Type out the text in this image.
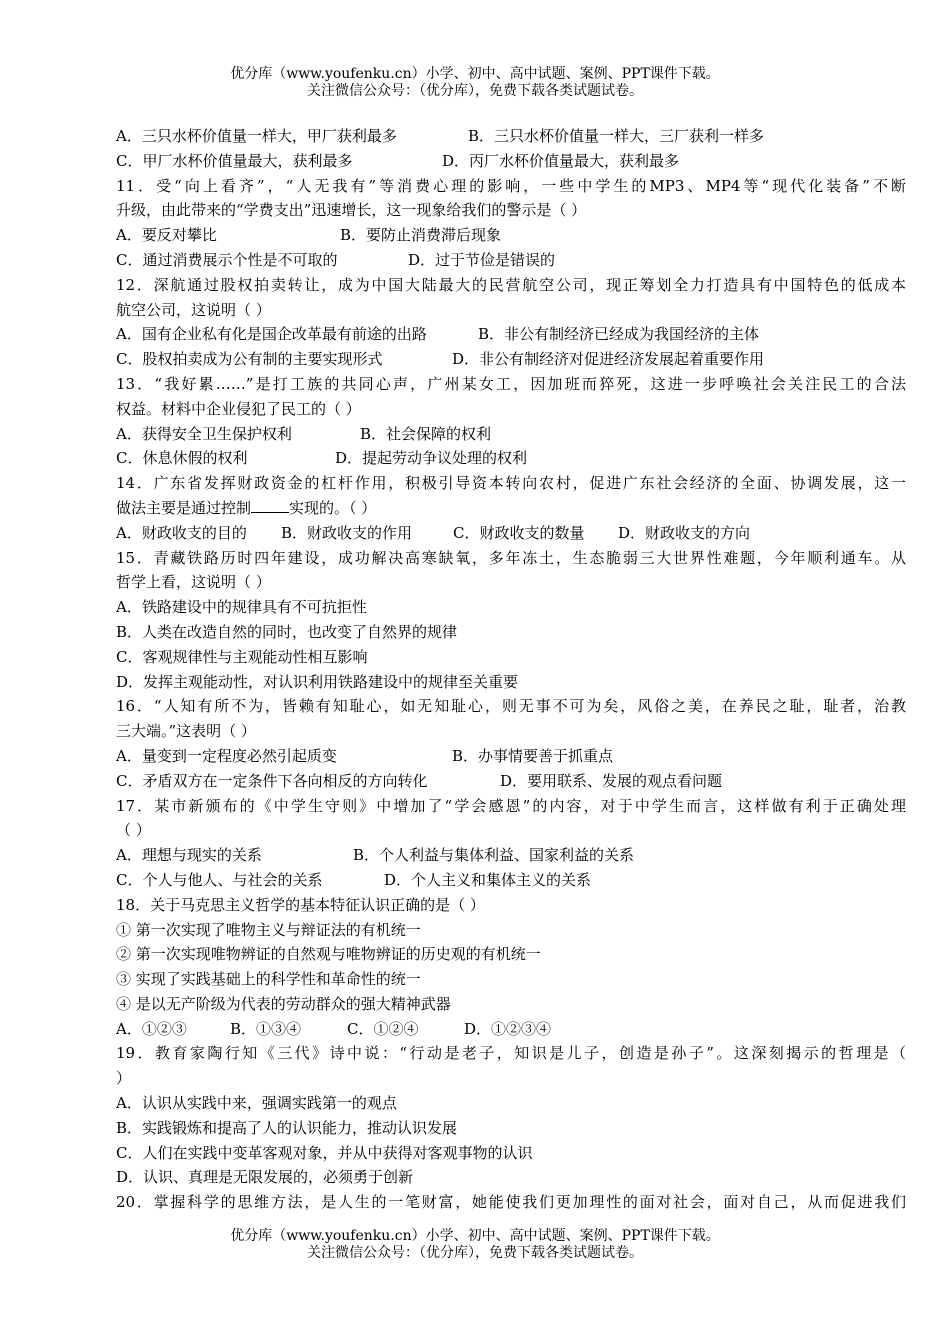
优分库（www.youfenku.cn）小学、初中、高中试题、案例、PPT课件下载。
关注微信公众号：（优分库），免费下载各类试题试卷。
A．三只水杯价值量一样大，甲厂获利最多	B．三只水杯价值量一样大，三厂获利一样多
C．甲厂水杯价值量最大，获利最多	D．丙厂水杯价值量最大，获利最多
11．受“向上看齐”，“人无我有”等消费心理的影响，一些中学生的MP3、MP4等“现代化装备”不断
升级，由此带来的“学费支出”迅速增长，这一现象给我们的警示是（ ）
A．要反对攀比	B．要防止消费滞后现象
C．通过消费展示个性是不可取的	D．过于节俭是错误的
12．深航通过股权拍卖转让，成为中国大陆最大的民营航空公司，现正筹划全力打造具有中国特色的低成本
航空公司，这说明（ ）
A．国有企业私有化是国企改革最有前途的出路	B．非公有制经济已经成为我国经济的主体
C．股权拍卖成为公有制的主要实现形式	D．非公有制经济对促进经济发展起着重要作用
13．“我好累……”是打工族的共同心声，广州某女工，因加班而猝死，这进一步呼唤社会关注民工的合法
权益。材料中企业侵犯了民工的（ ）
A．获得安全卫生保护权利	B．社会保障的权利
C．休息休假的权利	D．提起劳动争议处理的权利
14．广东省发挥财政资金的杠杆作用，积极引导资本转向农村，促进广东社会经济的全面、协调发展，这一
做法主要是通过控制	实现的。（ ）
A．财政收支的目的 B．财政收支的作用	C．财政收支的数量 D．财政收支的方向
15．青藏铁路历时四年建设，成功解决高寒缺氧，多年冻土，生态脆弱三大世界性难题，今年顺利通车。从
哲学上看，这说明（ ）
A．铁路建设中的规律具有不可抗拒性
B．人类在改造自然的同时，也改变了自然界的规律
C．客观规律性与主观能动性相互影响
D．发挥主观能动性，对认识利用铁路建设中的规律至关重要
16．“人知有所不为，皆赖有知耻心，如无知耻心，则无事不可为矣，风俗之美，在养民之耻，耻者，治教
三大端。”这表明（ ）
A．量变到一定程度必然引起质变	B．办事情要善于抓重点
C．矛盾双方在一定条件下各向相反的方向转化	D．要用联系、发展的观点看问题
17．某市新颁布的《中学生守则》中增加了“学会感恩”的内容，对于中学生而言，这样做有利于正确处理
（ ）
A．理想与现实的关系	B．个人利益与集体利益、国家利益的关系
C．个人与他人、与社会的关系	D．个人主义和集体主义的关系
18．关于马克思主义哲学的基本特征认识正确的是（ ）
① 第一次实现了唯物主义与辩证法的有机统一
② 第一次实现唯物辨证的自然观与唯物辨证的历史观的有机统一
③ 实现了实践基础上的科学性和革命性的统一
④ 是以无产阶级为代表的劳动群众的强大精神武器
A．①②③	B．①③④	C．①②④	D．①②③④
19．教育家陶行知《三代》诗中说：“行动是老子，知识是儿子，创造是孙子”。这深刻揭示的哲理是（
）
A．认识从实践中来，强调实践第一的观点
B．实践锻炼和提高了人的认识能力，推动认识发展
C．人们在实践中变革客观对象，并从中获得对客观事物的认识
D．认识、真理是无限发展的，必须勇于创新
20．掌握科学的思维方法，是人生的一笔财富，她能使我们更加理性的面对社会，面对自己，从而促进我们
优分库（www.youfenku.cn）小学、初中、高中试题、案例、PPT课件下载。
关注微信公众号：（优分库），免费下载各类试题试卷。
